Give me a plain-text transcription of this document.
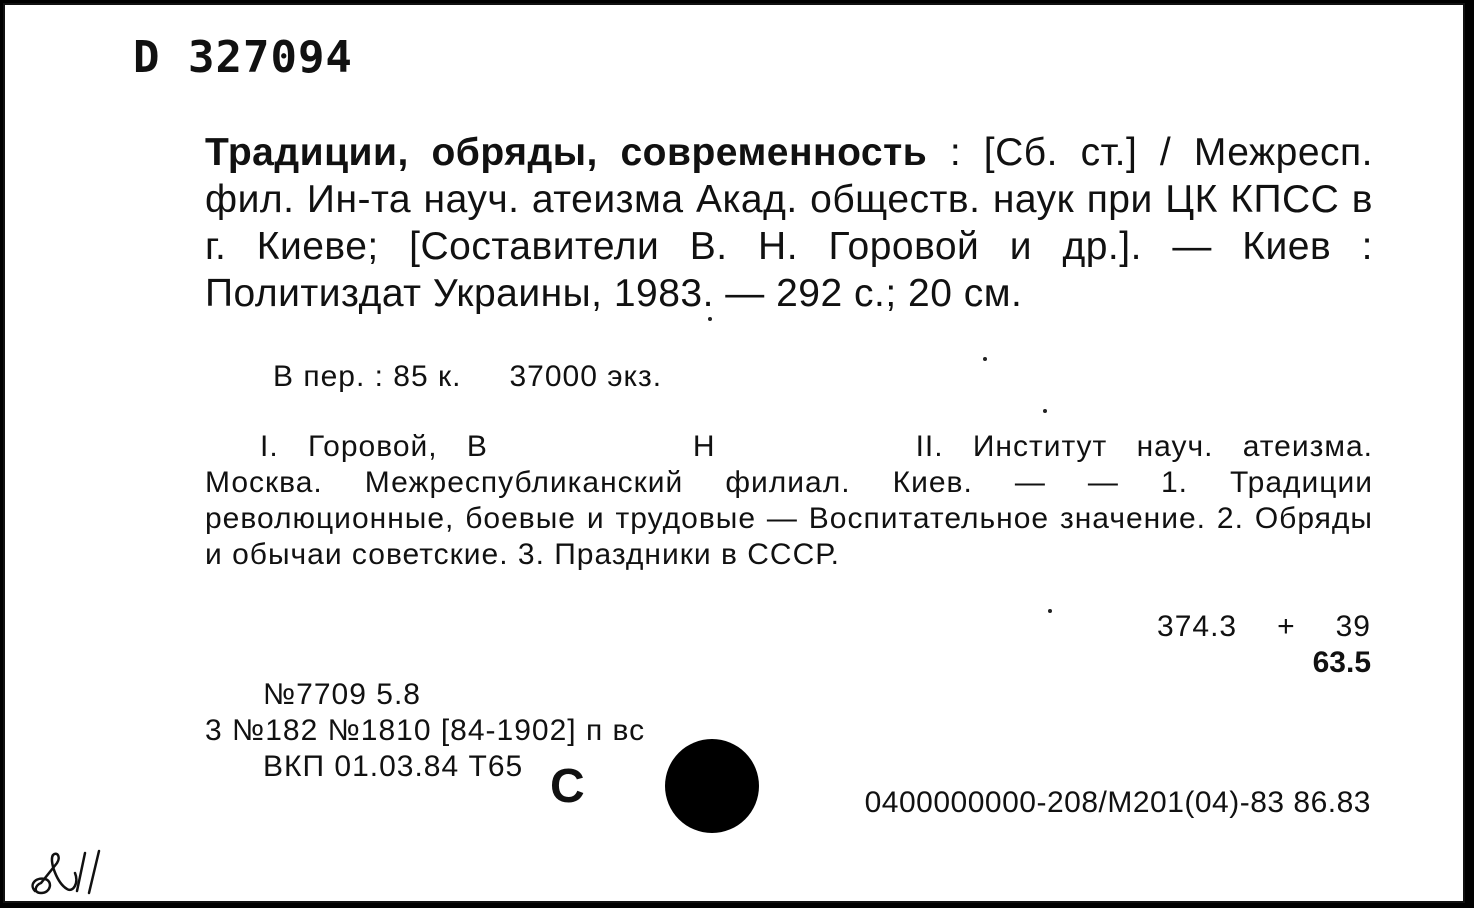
D 327094
Традиции, обряды, современность : [Сб. ст.] / Межресп. фил. Ин-та науч. атеизма Акад. обществ. наук при ЦК КПСС в г. Киеве; [Составители В. Н. Горовой и др.]. — Киев : Политиздат Украины, 1983. — 292 с.; 20 см.
В пер. : 85 к. 37000 экз.
I. Горовой, В	Н	II. Институт науч. атеизма. Москва. Межреспубликанский филиал. Киев. — — 1. Традиции революционные, боевые и трудовые — Воспитательное значение. 2. Обряды и обычаи советские. 3. Праздники в СССР.
374.3 + 39
63.5
№7709 5.8
3 №182 №1810 [84-1902] п вс
ВКП 01.03.84 Т65 С	0400000000-208/М201(04)-83 86.83
